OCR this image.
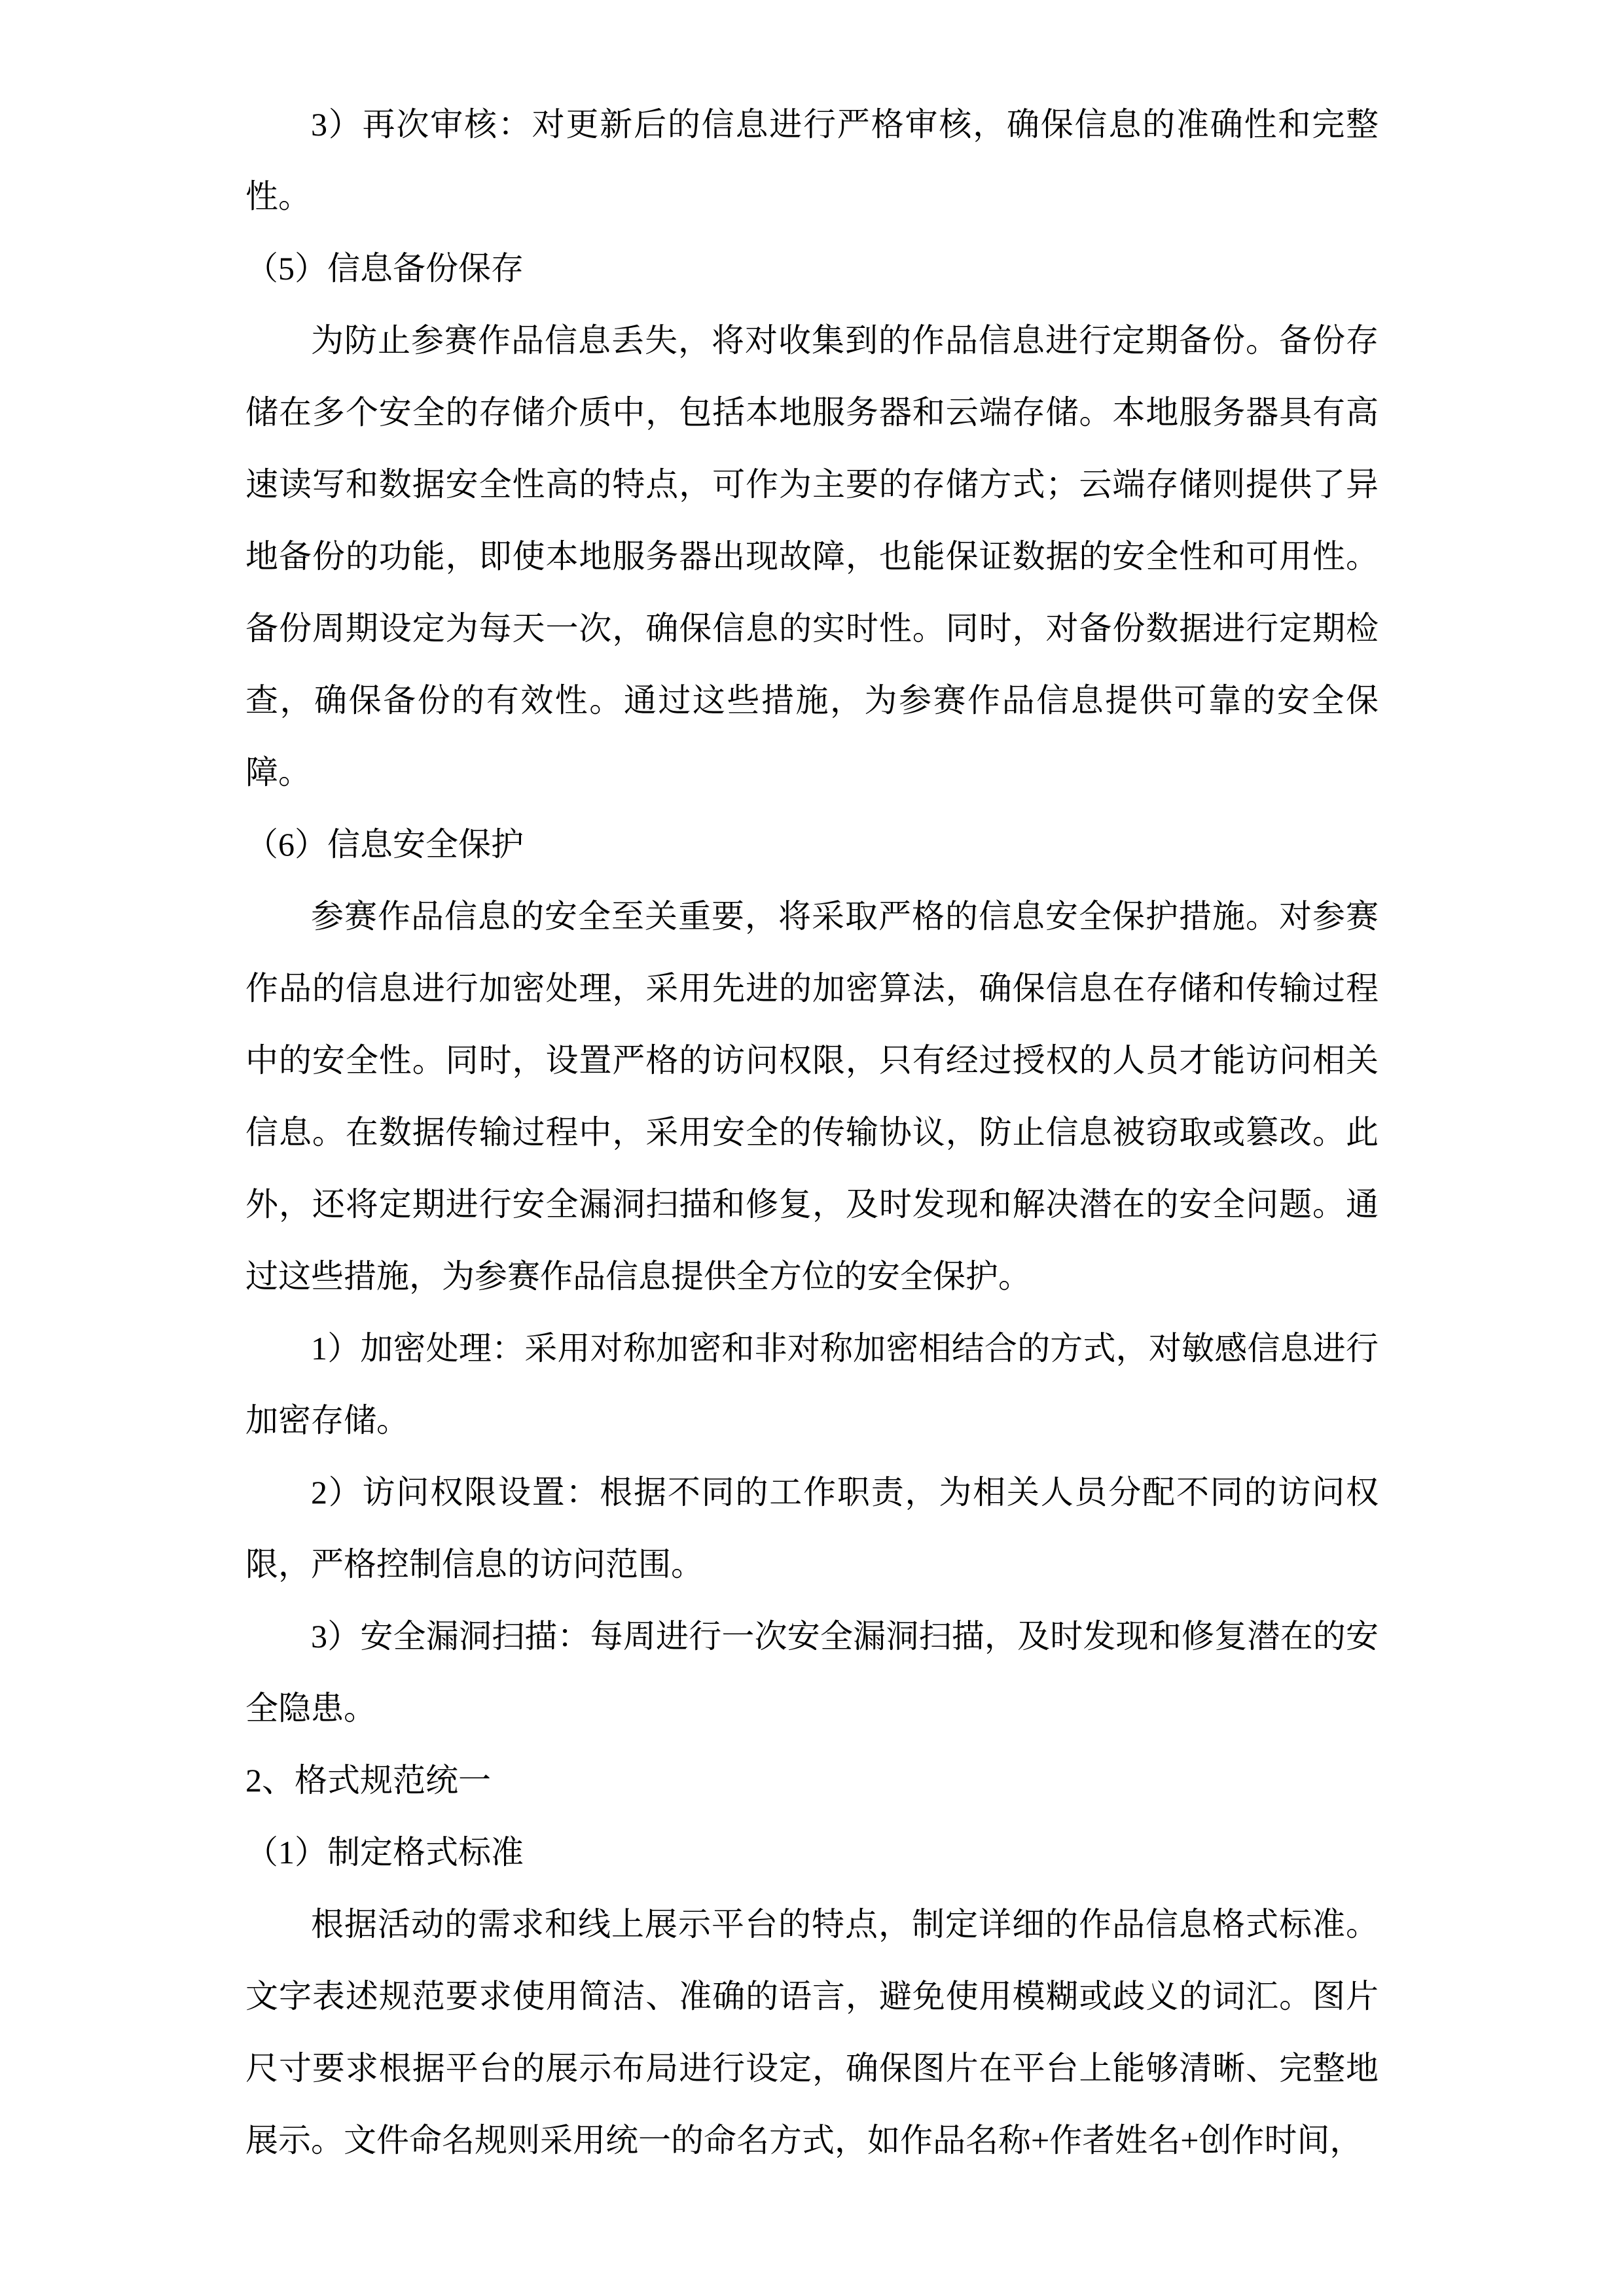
3）再次审核：对更新后的信息进行严格审核，确保信息的准确性和完整性。

（5）信息备份保存

为防止参赛作品信息丢失，将对收集到的作品信息进行定期备份。备份存储在多个安全的存储介质中，包括本地服务器和云端存储。本地服务器具有高速读写和数据安全性高的特点，可作为主要的存储方式；云端存储则提供了异地备份的功能，即使本地服务器出现故障，也能保证数据的安全性和可用性。备份周期设定为每天一次，确保信息的实时性。同时，对备份数据进行定期检查，确保备份的有效性。通过这些措施，为参赛作品信息提供可靠的安全保障。

（6）信息安全保护

参赛作品信息的安全至关重要，将采取严格的信息安全保护措施。对参赛作品的信息进行加密处理，采用先进的加密算法，确保信息在存储和传输过程中的安全性。同时，设置严格的访问权限，只有经过授权的人员才能访问相关信息。在数据传输过程中，采用安全的传输协议，防止信息被窃取或篡改。此外，还将定期进行安全漏洞扫描和修复，及时发现和解决潜在的安全问题。通过这些措施，为参赛作品信息提供全方位的安全保护。

1）加密处理：采用对称加密和非对称加密相结合的方式，对敏感信息进行加密存储。

2）访问权限设置：根据不同的工作职责，为相关人员分配不同的访问权限，严格控制信息的访问范围。

3）安全漏洞扫描：每周进行一次安全漏洞扫描，及时发现和修复潜在的安全隐患。

2、格式规范统一

（1）制定格式标准

根据活动的需求和线上展示平台的特点，制定详细的作品信息格式标准。文字表述规范要求使用简洁、准确的语言，避免使用模糊或歧义的词汇。图片尺寸要求根据平台的展示布局进行设定，确保图片在平台上能够清晰、完整地展示。文件命名规则采用统一的命名方式，如作品名称+作者姓名+创作时间，
